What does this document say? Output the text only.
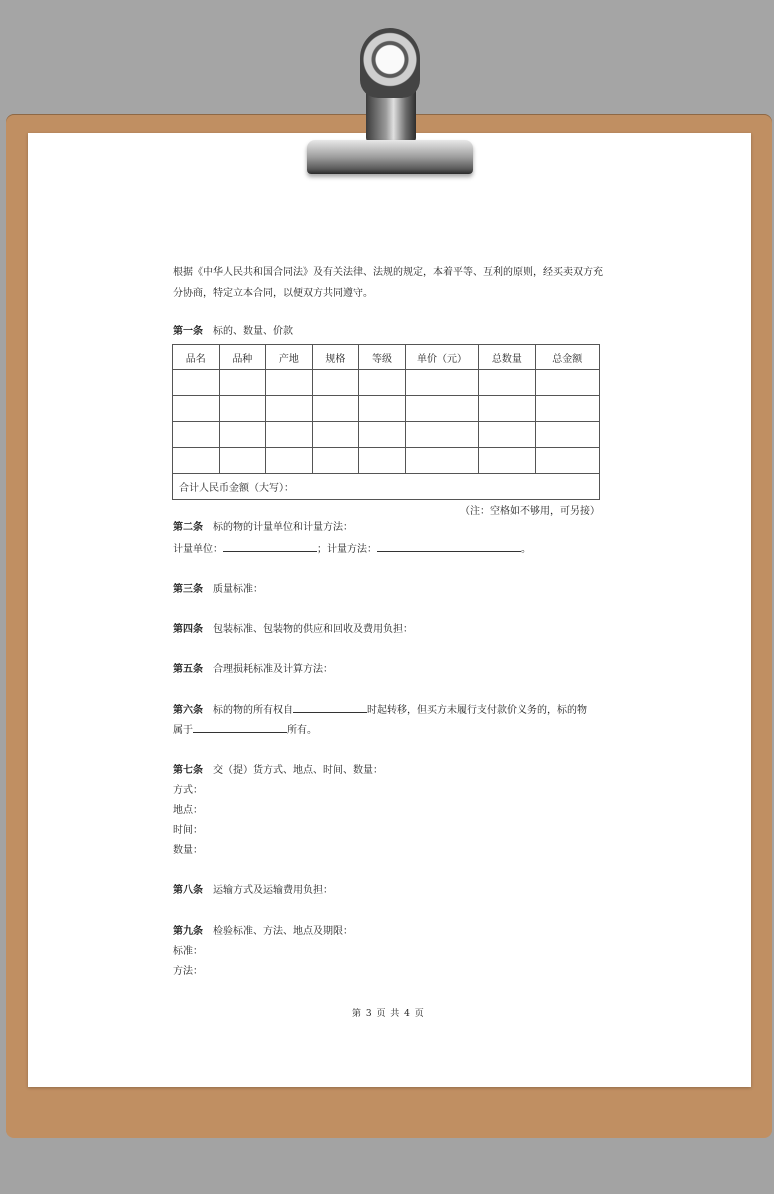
根据《中华人民共和国合同法》及有关法律、法规的规定，本着平等、互利的原则，经买卖双方充分协商，特定立本合同，以便双方共同遵守。
第一条 标的、数量、价款
品名	品种	产地	规格	等级	单价（元）	总数量	总金额

合计人民币金额（大写）：							
（注：空格如不够用，可另接）
第二条 标的物的计量单位和计量方法：
计量单位：	；计量方法：	。
第三条 质量标准：
第四条 包装标准、包装物的供应和回收及费用负担：
第五条 合理损耗标准及计算方法：
第六条 标的物的所有权自	时起转移，但买方未履行支付款价义务的，标的物
属于	所有。
第七条 交（提）货方式、地点、时间、数量：
方式：
地点：
时间：
数量：
第八条 运输方式及运输费用负担：
第九条 检验标准、方法、地点及期限：
标准：
方法：
第 3 页 共 4 页
